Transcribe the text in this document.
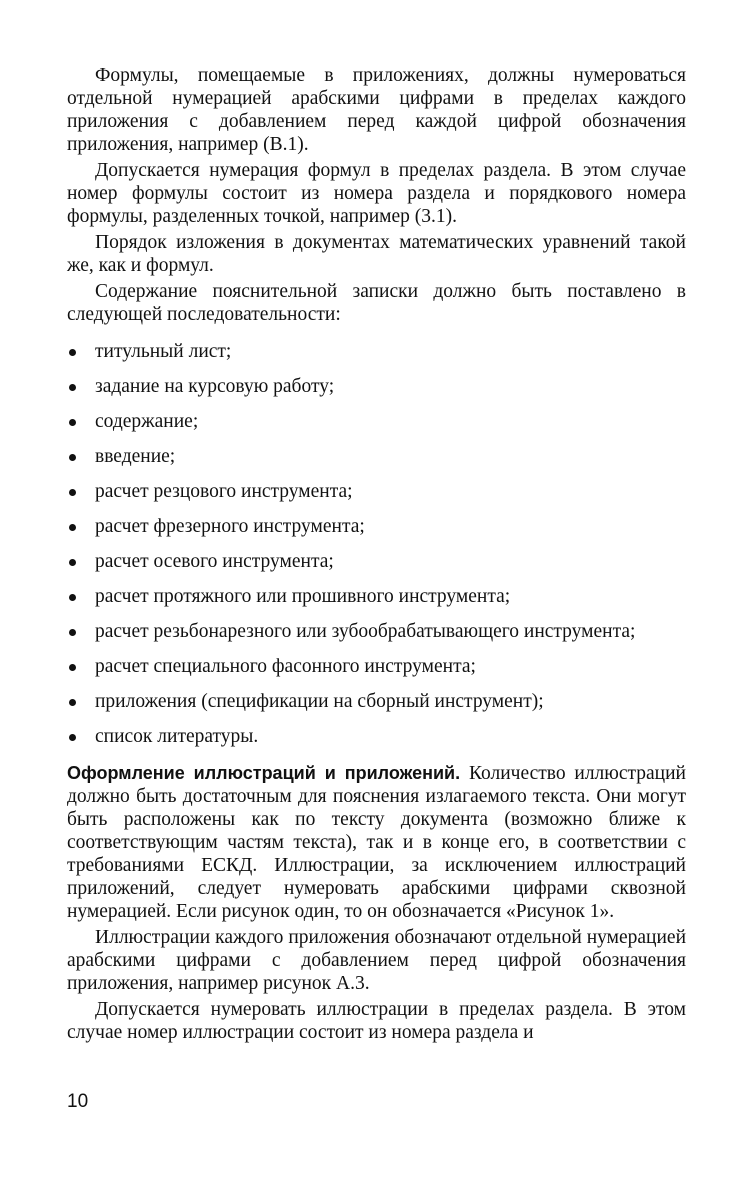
Формулы, помещаемые в приложениях, должны нумероваться отдельной нумерацией арабскими цифрами в пределах каждого приложения с добавлением перед каждой цифрой обозначения приложения, например (В.1).

Допускается нумерация формул в пределах раздела. В этом случае номер формулы состоит из номера раздела и порядкового номера формулы, разделенных точкой, например (3.1).

Порядок изложения в документах математических уравнений такой же, как и формул.

Содержание пояснительной записки должно быть поставлено в следующей последовательности:

титульный лист;
задание на курсовую работу;
содержание;
введение;
расчет резцового инструмента;
расчет фрезерного инструмента;
расчет осевого инструмента;
расчет протяжного или прошивного инструмента;
расчет резьбонарезного или зубообрабатывающего инструмента;
расчет специального фасонного инструмента;
приложения (спецификации на сборный инструмент);
список литературы.

Оформление иллюстраций и приложений. Количество иллюстраций должно быть достаточным для пояснения излагаемого текста. Они могут быть расположены как по тексту документа (возможно ближе к соответствующим частям текста), так и в конце его, в соответствии с требованиями ЕСКД. Иллюстрации, за исключением иллюстраций приложений, следует нумеровать арабскими цифрами сквозной нумерацией. Если рисунок один, то он обозначается «Рисунок 1».

Иллюстрации каждого приложения обозначают отдельной нумерацией арабскими цифрами с добавлением перед цифрой обозначения приложения, например рисунок А.3.

Допускается нумеровать иллюстрации в пределах раздела. В этом случае номер иллюстрации состоит из номера раздела и

10
